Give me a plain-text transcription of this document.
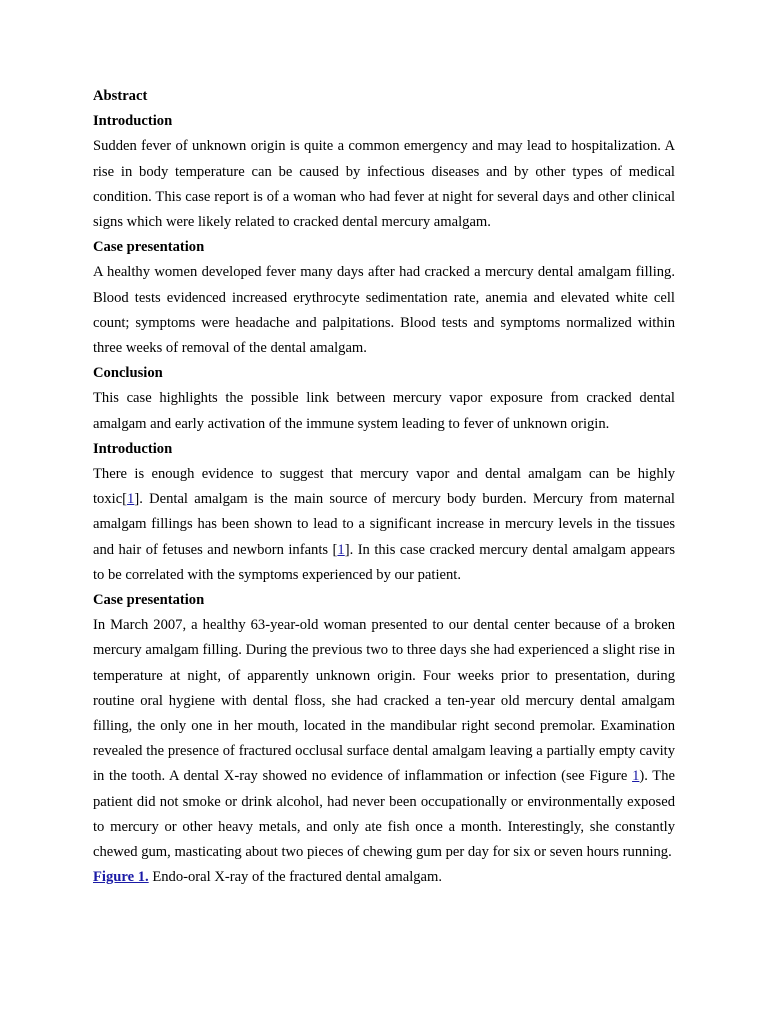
Abstract

Introduction

Sudden fever of unknown origin is quite a common emergency and may lead to hospitalization. A rise in body temperature can be caused by infectious diseases and by other types of medical condition. This case report is of a woman who had fever at night for several days and other clinical signs which were likely related to cracked dental mercury amalgam.

Case presentation

A healthy women developed fever many days after had cracked a mercury dental amalgam filling. Blood tests evidenced increased erythrocyte sedimentation rate, anemia and elevated white cell count; symptoms were headache and palpitations. Blood tests and symptoms normalized within three weeks of removal of the dental amalgam.

Conclusion

This case highlights the possible link between mercury vapor exposure from cracked dental amalgam and early activation of the immune system leading to fever of unknown origin.

Introduction

There is enough evidence to suggest that mercury vapor and dental amalgam can be highly toxic[1]. Dental amalgam is the main source of mercury body burden. Mercury from maternal amalgam fillings has been shown to lead to a significant increase in mercury levels in the tissues and hair of fetuses and newborn infants [1]. In this case cracked mercury dental amalgam appears to be correlated with the symptoms experienced by our patient.

Case presentation

In March 2007, a healthy 63-year-old woman presented to our dental center because of a broken mercury amalgam filling. During the previous two to three days she had experienced a slight rise in temperature at night, of apparently unknown origin. Four weeks prior to presentation, during routine oral hygiene with dental floss, she had cracked a ten-year old mercury dental amalgam filling, the only one in her mouth, located in the mandibular right second premolar. Examination revealed the presence of fractured occlusal surface dental amalgam leaving a partially empty cavity in the tooth. A dental X-ray showed no evidence of inflammation or infection (see Figure 1). The patient did not smoke or drink alcohol, had never been occupationally or environmentally exposed to mercury or other heavy metals, and only ate fish once a month. Interestingly, she constantly chewed gum, masticating about two pieces of chewing gum per day for six or seven hours running.

Figure 1. Endo-oral X-ray of the fractured dental amalgam.
